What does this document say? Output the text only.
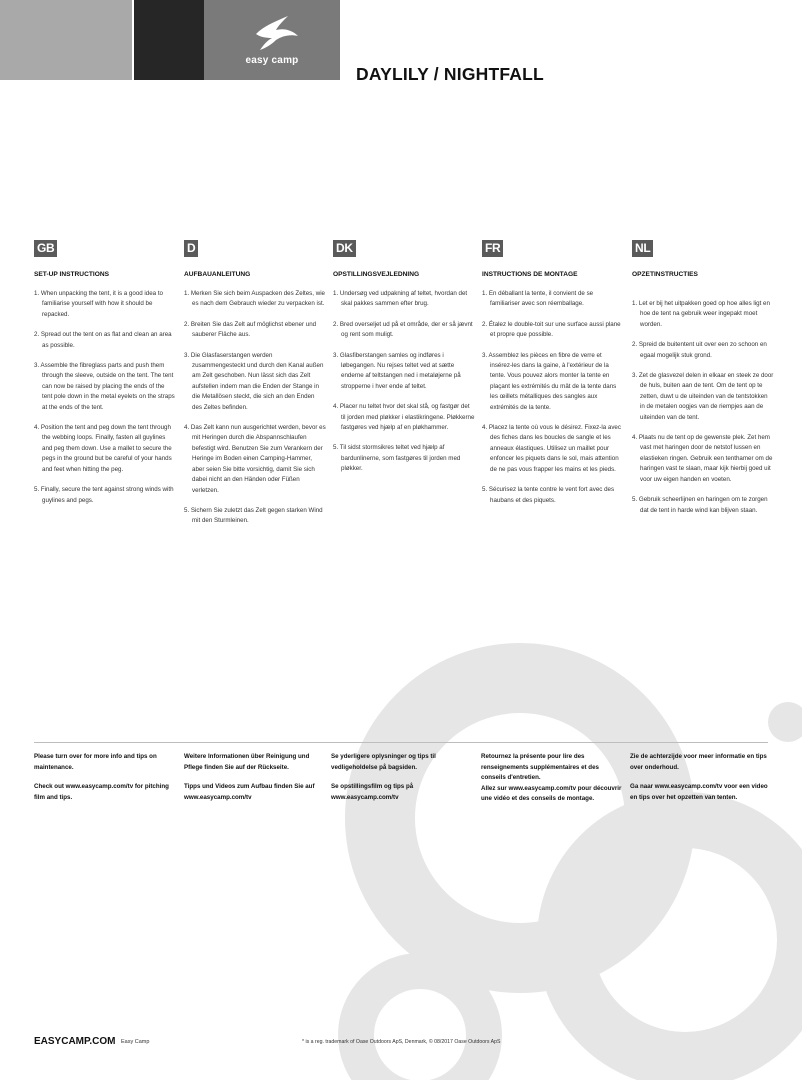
easy camp
DAYLILY / NIGHTFALL
GB
SET-UP INSTRUCTIONS
1. When unpacking the tent, it is a good idea to familiarise yourself with how it should be repacked.
2. Spread out the tent on as flat and clean an area as possible.
3. Assemble the fibreglass parts and push them through the sleeve, outside on the tent. The tent can now be raised by placing the ends of the tent pole down in the metal eyelets on the straps at the ends of the tent.
4. Position the tent and peg down the tent through the webbing loops. Finally, fasten all guylines and peg them down. Use a mallet to secure the pegs in the ground but be careful of your hands and feet when hitting the peg.
5. Finally, secure the tent against strong winds with guylines and pegs.
D
AUFBAUANLEITUNG
1. Merken Sie sich beim Auspacken des Zeltes, wie es nach dem Gebrauch wieder zu verpacken ist.
2. Breiten Sie das Zelt auf möglichst ebener und sauberer Fläche aus.
3. Die Glasfaserstangen werden zusammengesteckt und durch den Kanal außen am Zelt geschoben. Nun lässt sich das Zelt aufstellen indem man die Enden der Stange in die Metallösen steckt, die sich an den Enden des Zeltes befinden.
4. Das Zelt kann nun ausgerichtet werden, bevor es mit Heringen durch die Abspannschlaufen befestigt wird. Benutzen Sie zum Verankern der Heringe im Boden einen Camping-Hammer, aber seien Sie bitte vorsichtig, damit Sie sich dabei nicht an den Händen oder Füßen verletzen.
5. Sichern Sie zuletzt das Zelt gegen starken Wind mit den Sturmleinen.
DK
OPSTILLINGSVEJLEDNING
1. Undersøg ved udpakning af teltet, hvordan det skal pakkes sammen efter brug.
2. Bred overseljet ud på et område, der er så jævnt og rent som muligt.
3. Glasfiberstangen samles og indføres i løbegangen. Nu rejses teltet ved at sætte enderne af teltstangen ned i metaløjerne på stropperne i hver ende af teltet.
4. Placer nu teltet hvor det skal stå, og fastgør det til jorden med pløkker i elastikringene. Pløkkerne fastgøres ved hjælp af en pløkhammer.
5. Til sidst stormsikres teltet ved hjælp af bardunlinerne, som fastgøres til jorden med pløkker.
FR
INSTRUCTIONS DE MONTAGE
1. En déballant la tente, il convient de se familiariser avec son réemballage.
2. Étalez le double-toit sur une surface aussi plane et propre que possible.
3. Assemblez les pièces en fibre de verre et insérez-les dans la gaine, à l'extérieur de la tente. Vous pouvez alors monter la tente en plaçant les extrémités du mât de la tente dans les œillets métalliques des sangles aux extrémités de la tente.
4. Placez la tente où vous le désirez. Fixez-la avec des fiches dans les boucles de sangle et les anneaux élastiques. Utilisez un maillet pour enfoncer les piquets dans le sol, mais attention de ne pas vous frapper les mains et les pieds.
5. Sécurisez la tente contre le vent fort avec des haubans et des piquets.
NL
OPZETINSTRUCTIES
1. Let er bij het uitpakken goed op hoe alles ligt en hoe de tent na gebruik weer ingepakt moet worden.
2. Spreid de buitentent uit over een zo schoon en egaal mogelijk stuk grond.
3. Zet de glasvezel delen in elkaar en steek ze door de huls, buiten aan de tent. Om de tent op te zetten, duwt u de uiteinden van de tentstokken in de metalen oogjes van de riempjes aan de uiteinden van de tent.
4. Plaats nu de tent op de gewenste plek. Zet hem vast met haringen door de netstof lussen en elastieken ringen. Gebruik een tenthamer om de haringen vast te slaan, maar kijk hierbij goed uit voor uw eigen handen en voeten.
5. Gebruik scheerlijnen en haringen om te zorgen dat de tent in harde wind kan blijven staan.

Please turn over for more info and tips on maintenance.

Check out www.easycamp.com/tv for pitching film and tips.

Weitere Informationen über Reinigung und Pflege finden Sie auf der Rückseite.

Tipps und Videos zum Aufbau finden Sie auf www.easycamp.com/tv

Se yderligere oplysninger og tips til vedligeholdelse på bagsiden.

Se opstillingsfilm og tips på www.easycamp.com/tv

Retournez la présente pour lire des renseignements supplémentaires et des conseils d'entretien.

Allez sur www.easycamp.com/tv pour découvrir une vidéo et des conseils de montage.

Zie de achterzijde voor meer informatie en tips over onderhoud.

Ga naar www.easycamp.com/tv voor een video en tips over het opzetten van tenten.

EASYCAMP.COM Easy Camp	* is a reg. trademark of Oase Outdoors ApS, Denmark, © 08/2017 Oase Outdoors ApS
